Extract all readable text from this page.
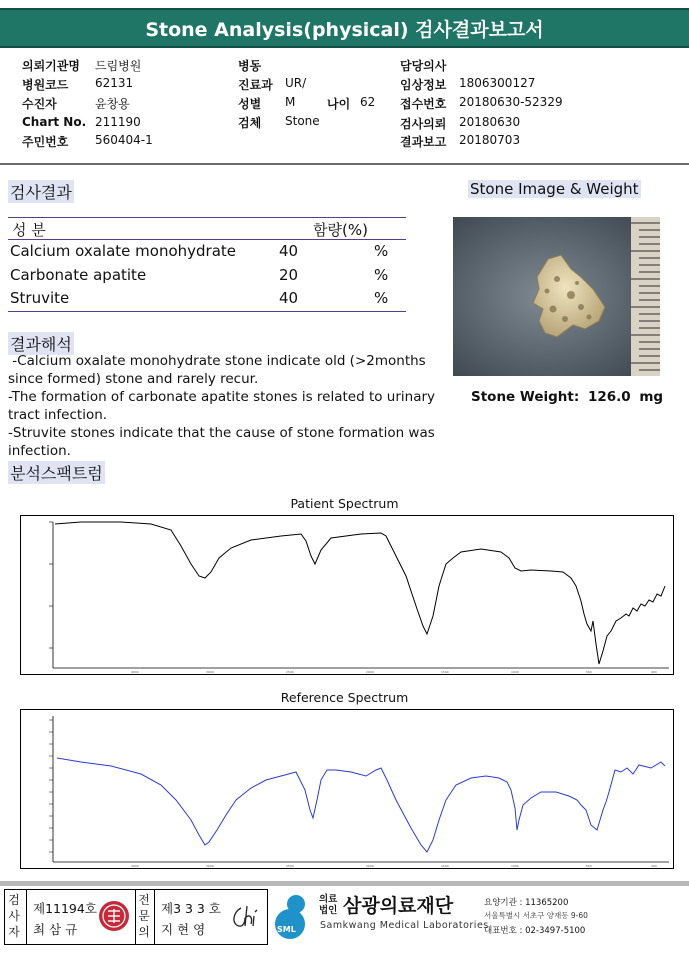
Stone Analysis(physical) 검사결과보고서
의뢰기관명 드림병원
병원코드 62131
수진자	윤창용
Chart No. 211190
주민번호 560404-1
병동
진료과 UR/
성별 M	나이 62
검체 Stone
담당의사
임상정보 1806300127
접수번호 20180630-52329
검사의뢰 20180630
결과보고 20180703
검사결과
성 분	함량(%)
Calcium oxalate monohydrate	40	%
Carbonate apatite	20	%
Struvite	40	%
결과해석
-Calcium oxalate monohydrate stone indicate old (>2months since formed) stone and rarely recur.
-The formation of carbonate apatite stones is related to urinary tract infection.
-Struvite stones indicate that the cause of stone formation was infection.
Stone Image & Weight
Stone Weight: 126.0 mg
분석스팩트럼
Patient Spectrum
4000	3000	2500	2000	1500	1000	500	400
Reference Spectrum
4000	3000	2500	2000	1500	1000	500	400
검사자
제11194호
최 삼 규
전문의
제3 3 3 호
지 현 영	SML
의료법인 삼광의료재단
Samkwang Medical Laboratories
요양기관 : 11365200
서울특별시 서초구 양재동 9-60
대표번호 : 02-3497-5100
